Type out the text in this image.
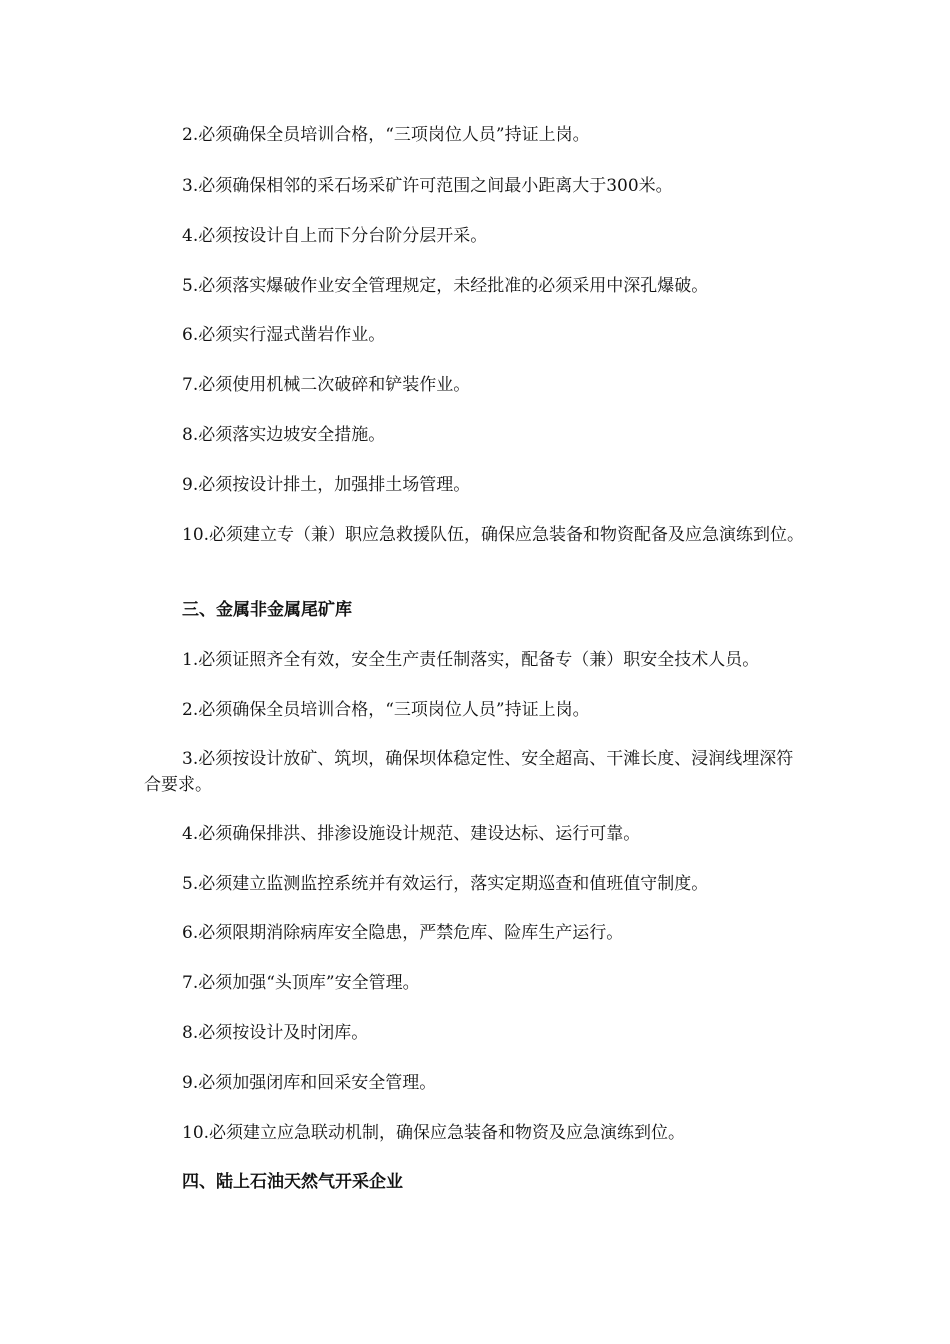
2.必须确保全员培训合格，“三项岗位人员”持证上岗。

3.必须确保相邻的采石场采矿许可范围之间最小距离大于300米。

4.必须按设计自上而下分台阶分层开采。

5.必须落实爆破作业安全管理规定，未经批准的必须采用中深孔爆破。

6.必须实行湿式凿岩作业。

7.必须使用机械二次破碎和铲装作业。

8.必须落实边坡安全措施。

9.必须按设计排土，加强排土场管理。

10.必须建立专（兼）职应急救援队伍，确保应急装备和物资配备及应急演练到位。

三、金属非金属尾矿库

1.必须证照齐全有效，安全生产责任制落实，配备专（兼）职安全技术人员。

2.必须确保全员培训合格，“三项岗位人员”持证上岗。

3.必须按设计放矿、筑坝，确保坝体稳定性、安全超高、干滩长度、浸润线埋深符合要求。

4.必须确保排洪、排渗设施设计规范、建设达标、运行可靠。

5.必须建立监测监控系统并有效运行，落实定期巡查和值班值守制度。

6.必须限期消除病库安全隐患，严禁危库、险库生产运行。

7.必须加强“头顶库”安全管理。

8.必须按设计及时闭库。

9.必须加强闭库和回采安全管理。

10.必须建立应急联动机制，确保应急装备和物资及应急演练到位。

四、陆上石油天然气开采企业
